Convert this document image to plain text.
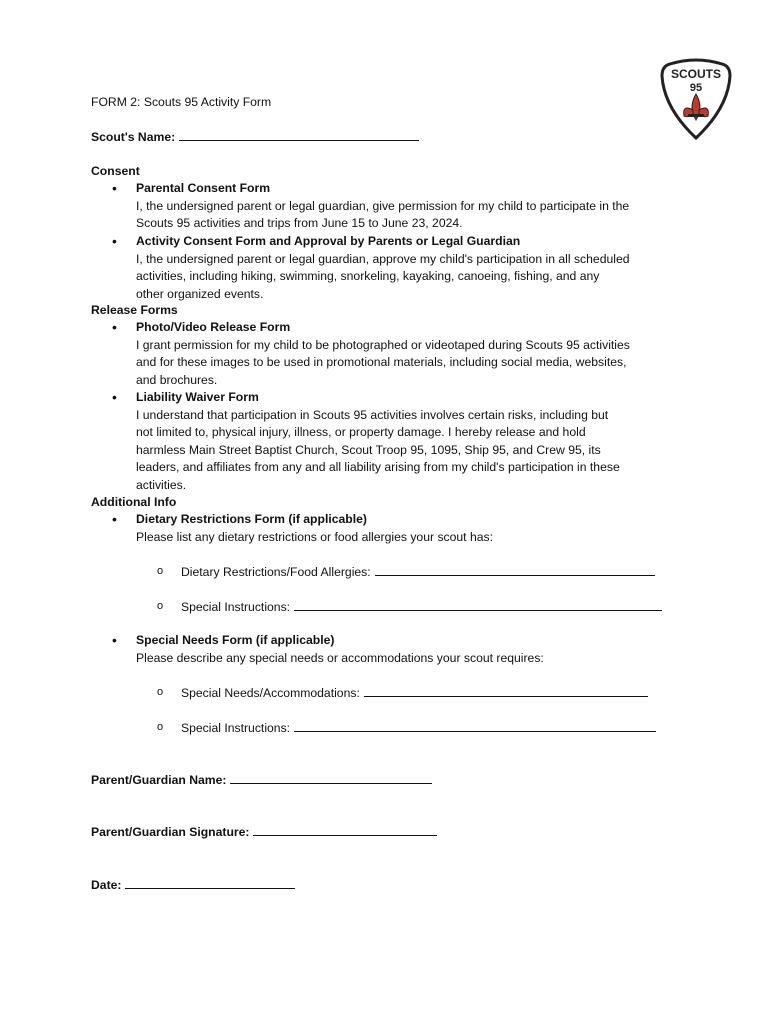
SCOUTS
95
FORM 2: Scouts 95 Activity Form
Scout's Name:
Consent
•	Parental Consent Form
I, the undersigned parent or legal guardian, give permission for my child to participate in the
Scouts 95 activities and trips from June 15 to June 23, 2024.
•	Activity Consent Form and Approval by Parents or Legal Guardian
I, the undersigned parent or legal guardian, approve my child's participation in all scheduled
activities, including hiking, swimming, snorkeling, kayaking, canoeing, fishing, and any
other organized events.
Release Forms
•	Photo/Video Release Form
I grant permission for my child to be photographed or videotaped during Scouts 95 activities
and for these images to be used in promotional materials, including social media, websites,
and brochures.
•	Liability Waiver Form
I understand that participation in Scouts 95 activities involves certain risks, including but
not limited to, physical injury, illness, or property damage. I hereby release and hold
harmless Main Street Baptist Church, Scout Troop 95, 1095, Ship 95, and Crew 95, its
leaders, and affiliates from any and all liability arising from my child's participation in these
activities.
Additional Info
•	Dietary Restrictions Form (if applicable)
Please list any dietary restrictions or food allergies your scout has:
o Dietary Restrictions/Food Allergies:
o Special Instructions:
•	Special Needs Form (if applicable)
Please describe any special needs or accommodations your scout requires:
o Special Needs/Accommodations:
o Special Instructions:
Parent/Guardian Name:
Parent/Guardian Signature:
Date:
